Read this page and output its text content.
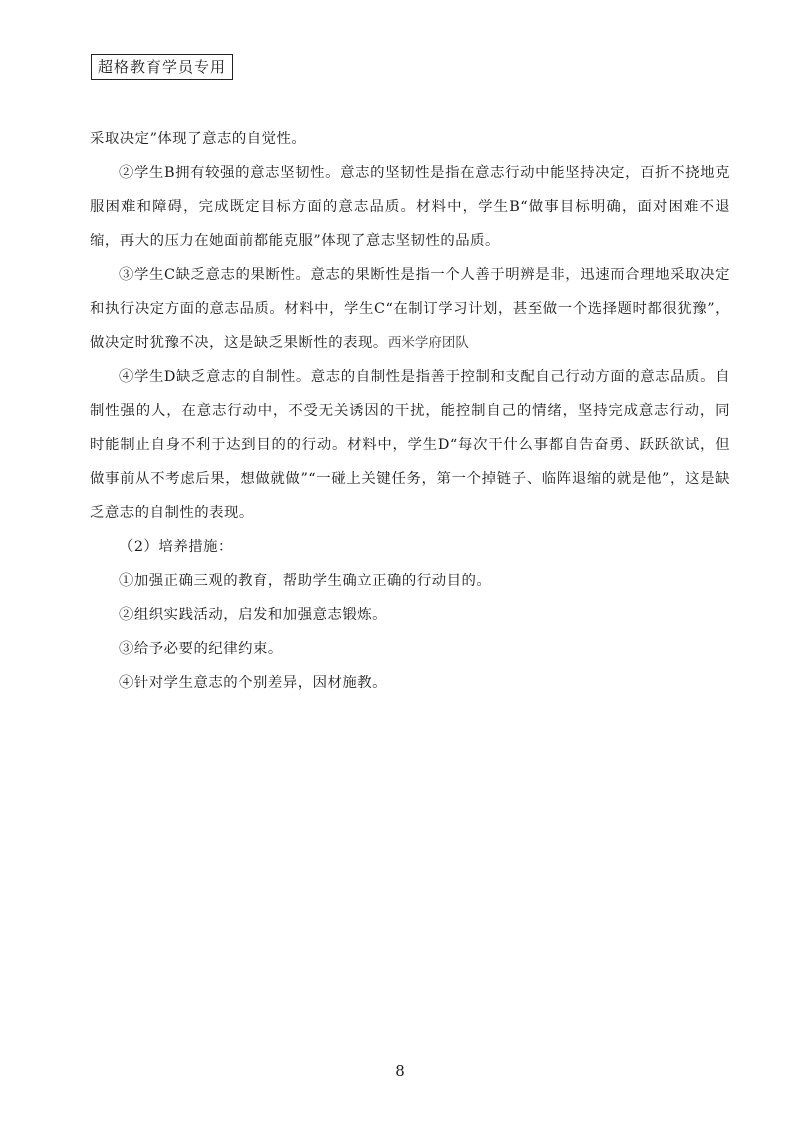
超格教育学员专用

采取决定”体现了意志的自觉性。

②学生B拥有较强的意志坚韧性。意志的坚韧性是指在意志行动中能坚持决定，百折不挠地克服困难和障碍，完成既定目标方面的意志品质。材料中，学生B“做事目标明确，面对困难不退缩，再大的压力在她面前都能克服”体现了意志坚韧性的品质。

③学生C缺乏意志的果断性。意志的果断性是指一个人善于明辨是非，迅速而合理地采取决定和执行决定方面的意志品质。材料中，学生C“在制订学习计划，甚至做一个选择题时都很犹豫”，做决定时犹豫不决，这是缺乏果断性的表现。西米学府团队

④学生D缺乏意志的自制性。意志的自制性是指善于控制和支配自己行动方面的意志品质。自制性强的人，在意志行动中，不受无关诱因的干扰，能控制自己的情绪，坚持完成意志行动，同时能制止自身不利于达到目的的行动。材料中，学生D“每次干什么事都自告奋勇、跃跃欲试，但做事前从不考虑后果，想做就做”“一碰上关键任务，第一个掉链子、临阵退缩的就是他”，这是缺乏意志的自制性的表现。

（2）培养措施：

①加强正确三观的教育，帮助学生确立正确的行动目的。

②组织实践活动，启发和加强意志锻炼。

③给予必要的纪律约束。

④针对学生意志的个别差异，因材施教。

8
